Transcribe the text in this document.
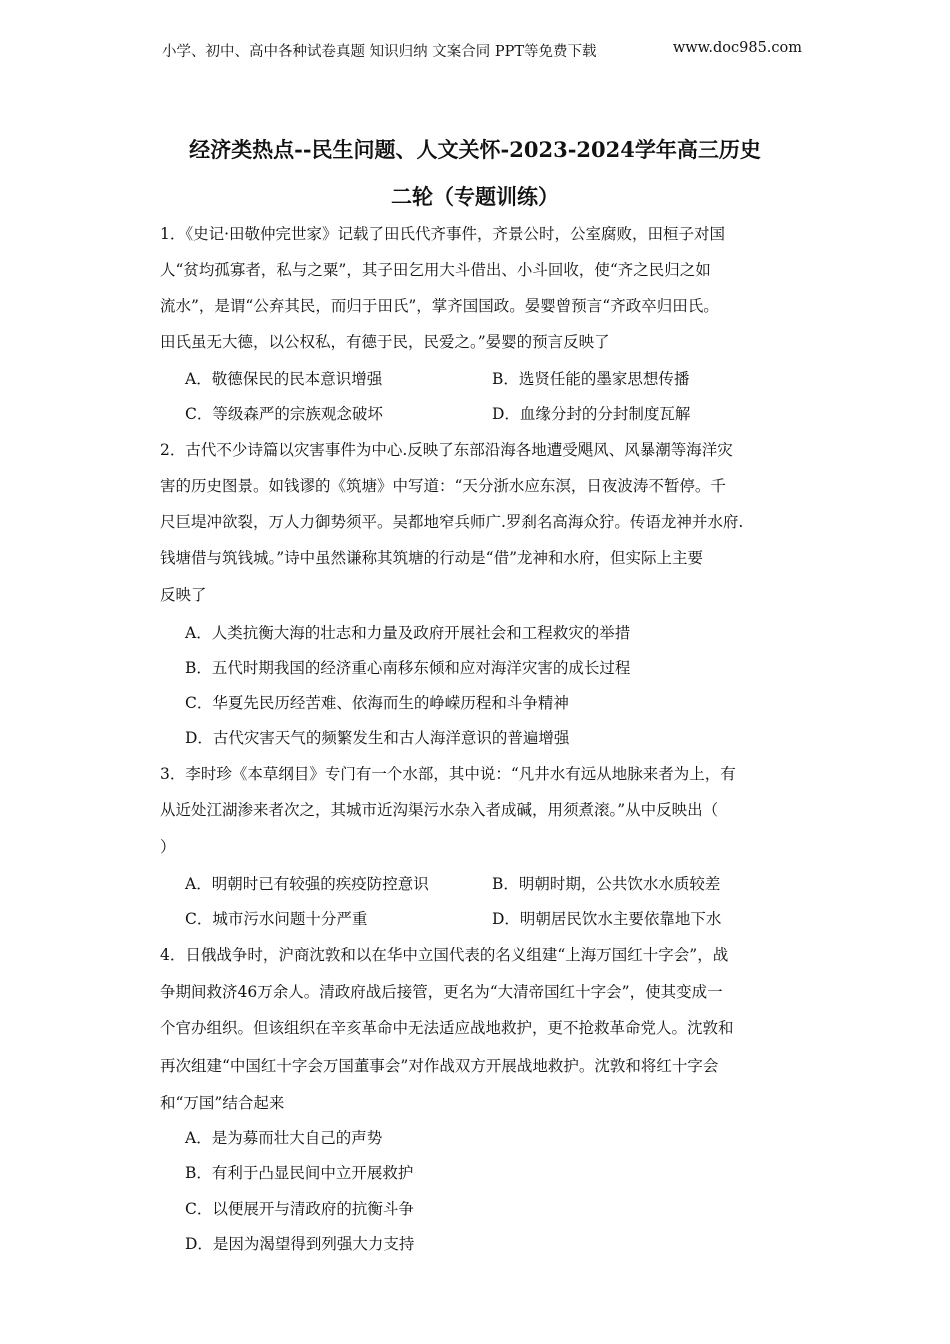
小学、初中、高中各种试卷真题 知识归纳 文案合同 PPT等免费下载	www.doc985.com
经济类热点--民生问题、人文关怀-2023-2024学年高三历史
二轮（专题训练）
1．《史记·田敬仲完世家》记载了田氏代齐事件，齐景公时，公室腐败，田桓子对国
人“贫均孤寡者，私与之粟”，其子田乞用大斗借出、小斗回收，使“齐之民归之如
流水”，是谓“公弃其民，而归于田氏”，掌齐国国政。晏婴曾预言“齐政卒归田氏。
田氏虽无大德，以公权私，有德于民，民爱之。”晏婴的预言反映了
A．敬德保民的民本意识增强	B．选贤任能的墨家思想传播
C．等级森严的宗族观念破坏	D．血缘分封的分封制度瓦解
2．古代不少诗篇以灾害事件为中心.反映了东部沿海各地遭受飓风、风暴潮等海洋灾
害的历史图景。如钱谬的《筑塘》中写道：“天分浙水应东溟，日夜波涛不暂停。千
尺巨堤冲欲裂，万人力御势须平。吴都地窄兵师广.罗刹名高海众狞。传语龙神并水府.
钱塘借与筑钱城。”诗中虽然谦称其筑塘的行动是“借”龙神和水府，但实际上主要
反映了
A．人类抗衡大海的壮志和力量及政府开展社会和工程救灾的举措
B．五代时期我国的经济重心南移东倾和应对海洋灾害的成长过程
C．华夏先民历经苦难、依海而生的峥嵘历程和斗争精神
D．古代灾害天气的频繁发生和古人海洋意识的普遍增强
3．李时珍《本草纲目》专门有一个水部，其中说：“凡井水有远从地脉来者为上，有
从近处江湖渗来者次之，其城市近沟渠污水杂入者成碱，用须煮滚。”从中反映出（
）
A．明朝时已有较强的疾疫防控意识	B．明朝时期，公共饮水水质较差
C．城市污水问题十分严重	D．明朝居民饮水主要依靠地下水
4．日俄战争时，沪商沈敦和以在华中立国代表的名义组建“上海万国红十字会”，战
争期间救济46万余人。清政府战后接管，更名为“大清帝国红十字会”，使其变成一
个官办组织。但该组织在辛亥革命中无法适应战地救护，更不抢救革命党人。沈敦和
再次组建“中国红十字会万国董事会”对作战双方开展战地救护。沈敦和将红十字会
和“万国”结合起来
A．是为募而壮大自己的声势
B．有利于凸显民间中立开展救护
C．以便展开与清政府的抗衡斗争
D．是因为渴望得到列强大力支持
